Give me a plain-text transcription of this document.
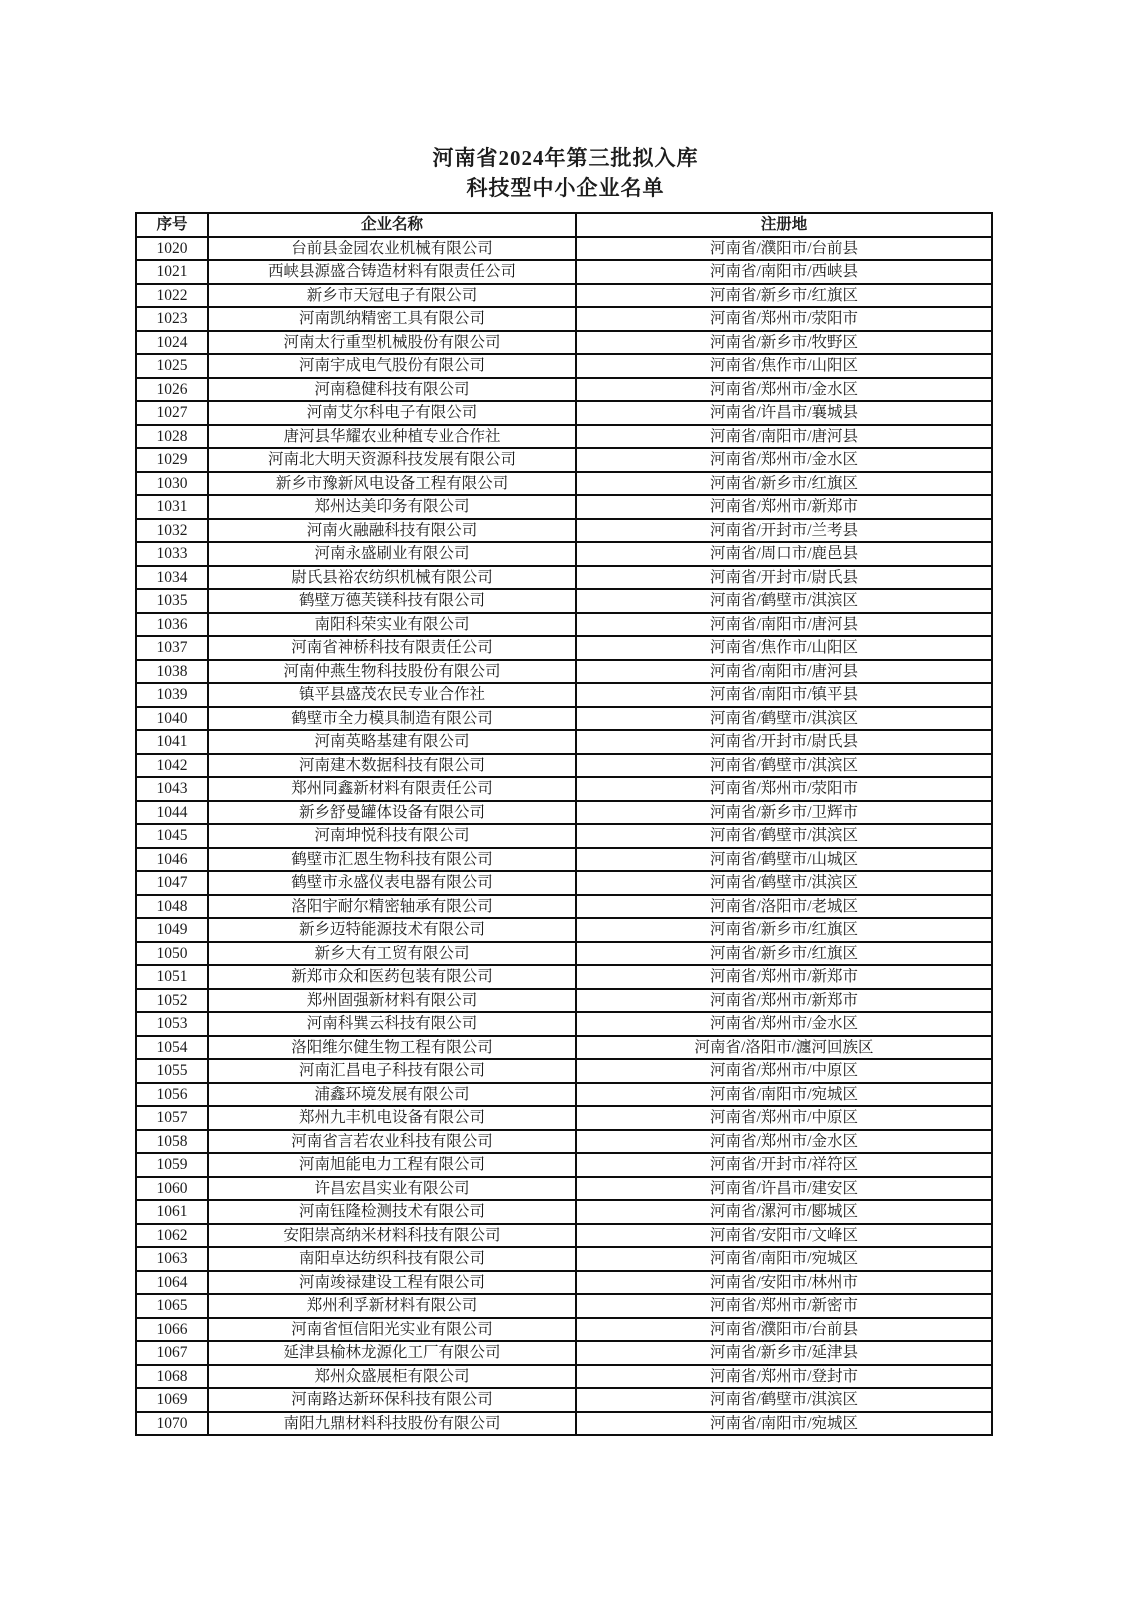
河南省2024年第三批拟入库
科技型中小企业名单
序号	企业名称	注册地
1020	台前县金园农业机械有限公司	河南省/濮阳市/台前县
1021	西峡县源盛合铸造材料有限责任公司	河南省/南阳市/西峡县
1022	新乡市天冠电子有限公司	河南省/新乡市/红旗区
1023	河南凯纳精密工具有限公司	河南省/郑州市/荥阳市
1024	河南太行重型机械股份有限公司	河南省/新乡市/牧野区
1025	河南宇成电气股份有限公司	河南省/焦作市/山阳区
1026	河南稳健科技有限公司	河南省/郑州市/金水区
1027	河南艾尔科电子有限公司	河南省/许昌市/襄城县
1028	唐河县华耀农业种植专业合作社	河南省/南阳市/唐河县
1029	河南北大明天资源科技发展有限公司	河南省/郑州市/金水区
1030	新乡市豫新风电设备工程有限公司	河南省/新乡市/红旗区
1031	郑州达美印务有限公司	河南省/郑州市/新郑市
1032	河南火融融科技有限公司	河南省/开封市/兰考县
1033	河南永盛刷业有限公司	河南省/周口市/鹿邑县
1034	尉氏县裕农纺织机械有限公司	河南省/开封市/尉氏县
1035	鹤壁万德芙镁科技有限公司	河南省/鹤壁市/淇滨区
1036	南阳科荣实业有限公司	河南省/南阳市/唐河县
1037	河南省神桥科技有限责任公司	河南省/焦作市/山阳区
1038	河南仲燕生物科技股份有限公司	河南省/南阳市/唐河县
1039	镇平县盛茂农民专业合作社	河南省/南阳市/镇平县
1040	鹤壁市全力模具制造有限公司	河南省/鹤壁市/淇滨区
1041	河南英略基建有限公司	河南省/开封市/尉氏县
1042	河南建木数据科技有限公司	河南省/鹤壁市/淇滨区
1043	郑州同鑫新材料有限责任公司	河南省/郑州市/荥阳市
1044	新乡舒曼罐体设备有限公司	河南省/新乡市/卫辉市
1045	河南坤悦科技有限公司	河南省/鹤壁市/淇滨区
1046	鹤壁市汇恩生物科技有限公司	河南省/鹤壁市/山城区
1047	鹤壁市永盛仪表电器有限公司	河南省/鹤壁市/淇滨区
1048	洛阳宇耐尔精密轴承有限公司	河南省/洛阳市/老城区
1049	新乡迈特能源技术有限公司	河南省/新乡市/红旗区
1050	新乡大有工贸有限公司	河南省/新乡市/红旗区
1051	新郑市众和医药包装有限公司	河南省/郑州市/新郑市
1052	郑州固强新材料有限公司	河南省/郑州市/新郑市
1053	河南科巽云科技有限公司	河南省/郑州市/金水区
1054	洛阳维尔健生物工程有限公司	河南省/洛阳市/瀍河回族区
1055	河南汇昌电子科技有限公司	河南省/郑州市/中原区
1056	浦鑫环境发展有限公司	河南省/南阳市/宛城区
1057	郑州九丰机电设备有限公司	河南省/郑州市/中原区
1058	河南省言若农业科技有限公司	河南省/郑州市/金水区
1059	河南旭能电力工程有限公司	河南省/开封市/祥符区
1060	许昌宏昌实业有限公司	河南省/许昌市/建安区
1061	河南钰隆检测技术有限公司	河南省/漯河市/郾城区
1062	安阳崇高纳米材料科技有限公司	河南省/安阳市/文峰区
1063	南阳卓达纺织科技有限公司	河南省/南阳市/宛城区
1064	河南竣禄建设工程有限公司	河南省/安阳市/林州市
1065	郑州利孚新材料有限公司	河南省/郑州市/新密市
1066	河南省恒信阳光实业有限公司	河南省/濮阳市/台前县
1067	延津县榆林龙源化工厂有限公司	河南省/新乡市/延津县
1068	郑州众盛展柜有限公司	河南省/郑州市/登封市
1069	河南路达新环保科技有限公司	河南省/鹤壁市/淇滨区
1070	南阳九鼎材料科技股份有限公司	河南省/南阳市/宛城区
